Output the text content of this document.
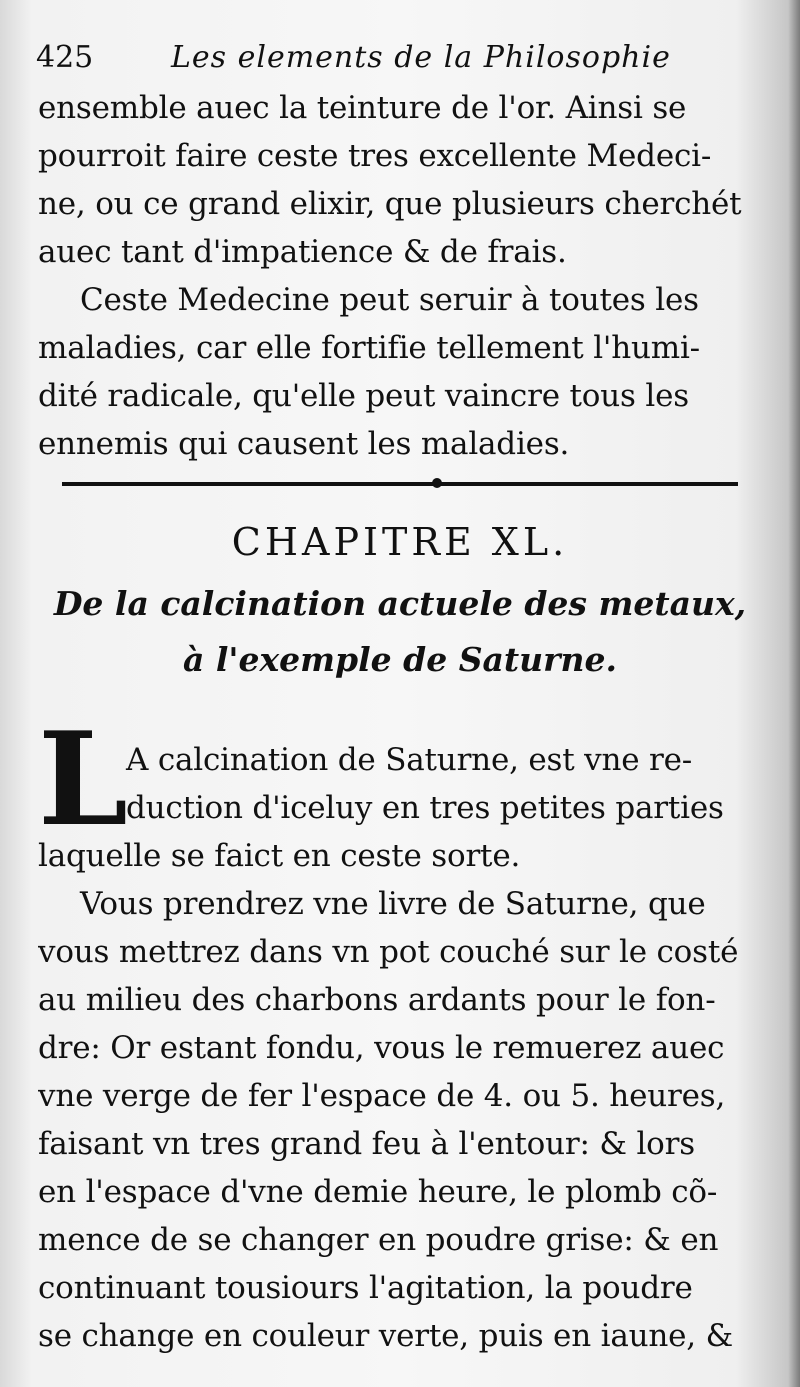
425	Les elements de la Philosophie
ensemble auec la teinture de l'or. Ainsi se
pourroit faire ceste tres excellente Medeci-
ne, ou ce grand elixir, que plusieurs cherchét
auec tant d'impatience & de frais.
Ceste Medecine peut seruir à toutes les
maladies, car elle fortifie tellement l'humi-
dité radicale, qu'elle peut vaincre tous les
ennemis qui causent les maladies.
CHAPITRE XL.
De la calcination actuele des metaux,
à l'exemple de Saturne.
L
A calcination de Saturne, est vne re-
duction d'iceluy en tres petites parties
laquelle se faict en ceste sorte.
Vous prendrez vne livre de Saturne, que
vous mettrez dans vn pot couché sur le costé
au milieu des charbons ardants pour le fon-
dre: Or estant fondu, vous le remuerez auec
vne verge de fer l'espace de 4. ou 5. heures,
faisant vn tres grand feu à l'entour: & lors
en l'espace d'vne demie heure, le plomb cõ-
mence de se changer en poudre grise: & en
continuant tousiours l'agitation, la poudre
se change en couleur verte, puis en iaune, &
